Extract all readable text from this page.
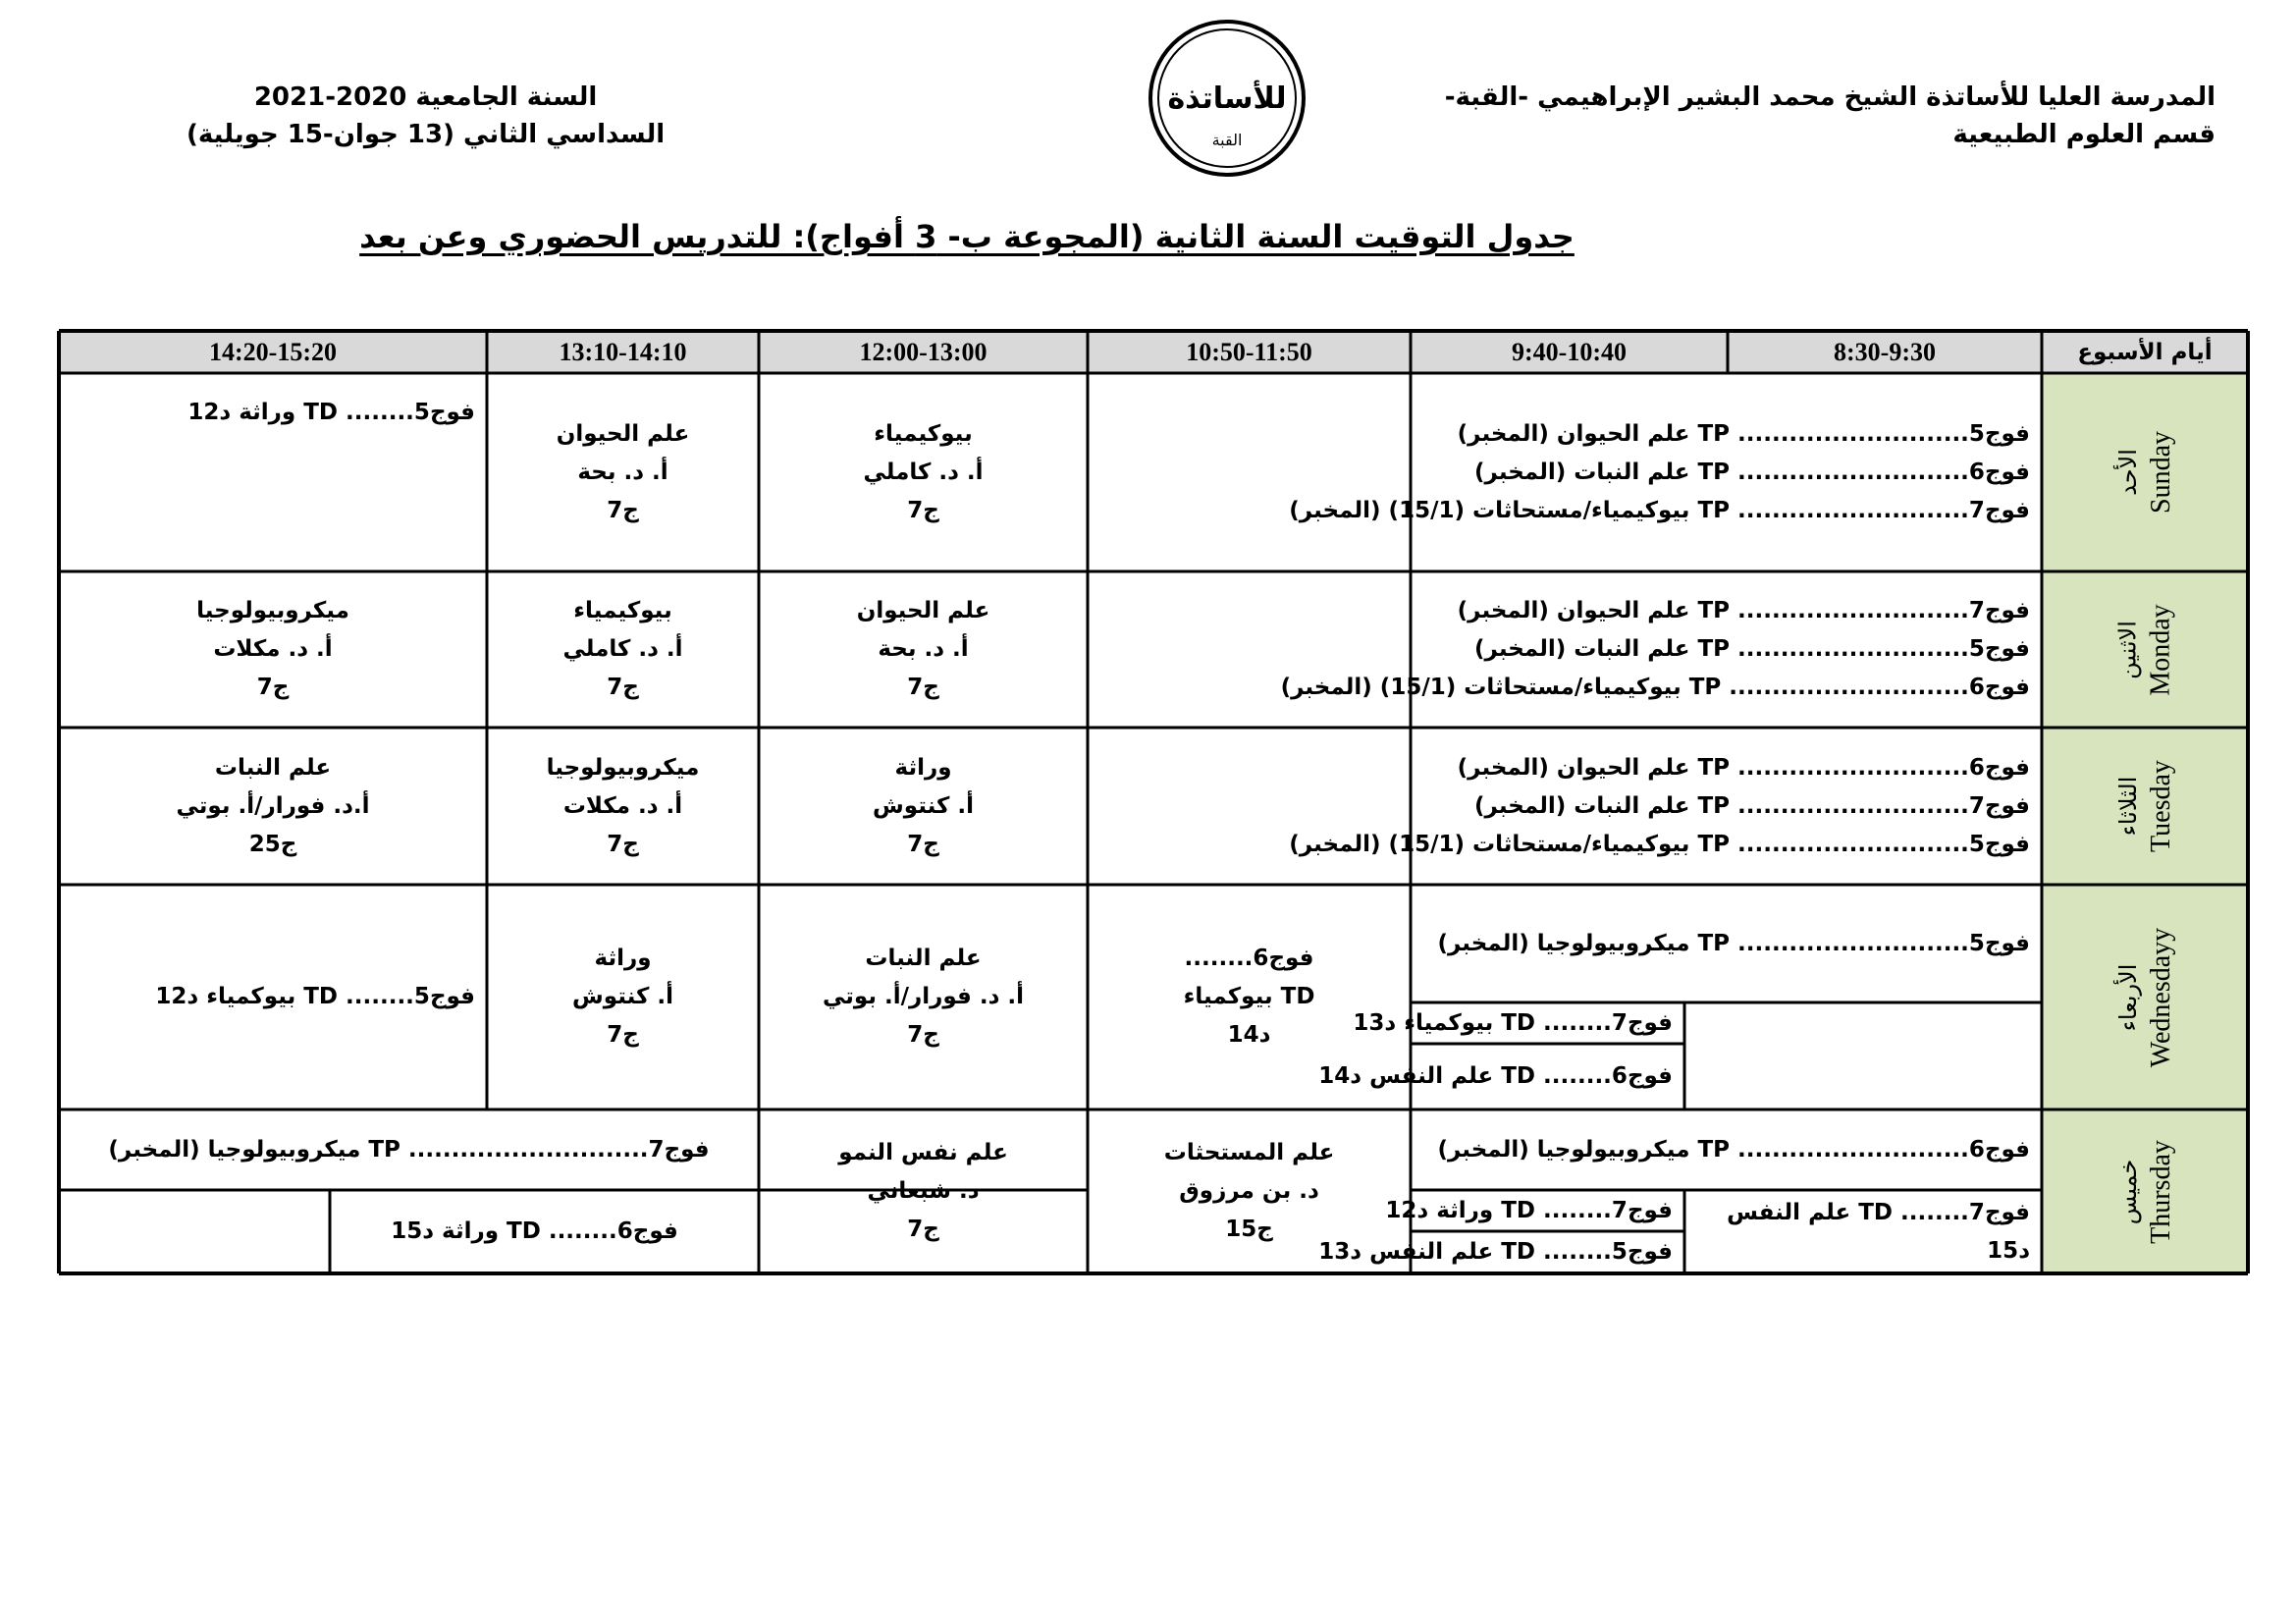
المدرسة العليا للأساتذة الشيخ محمد البشير الإبراهيمي -القبة-
قسم العلوم الطبيعية
السنة الجامعية 2020-2021
السداسي الثاني (13 جوان-15 جويلية)
للأساتذة
القبة
جدول التوقيت السنة الثانية (المجوعة ب- 3 أفواج): للتدريس الحضوري وعن بعد
أيام الأسبوع
8:30-9:30
9:40-10:40
10:50-11:50
12:00-13:00
13:10-14:10
14:20-15:20
الأحد Sunday
الاثنين Monday
الثلاثاء Tuesday
الأربعاء Wednesdayy
خميس Thursday
فوج5........................... TP علم الحيوان (المخبر)
فوج6........................... TP علم النبات (المخبر)
فوج7........................... TP بيوكيمياء/مستحاثات (15/1) (المخبر)
بيوكيمياء
أ. د. كاملي
ج7
علم الحيوان
أ. د. بحة
ج7
فوج5........ TD وراثة د12
فوج7........................... TP علم الحيوان (المخبر)
فوج5........................... TP علم النبات (المخبر)
فوج6............................ TP بيوكيمياء/مستحاثات (15/1) (المخبر)
علم الحيوان
أ. د. بحة
ج7
بيوكيمياء
أ. د. كاملي
ج7
ميكروبيولوجيا
أ. د. مكلات
ج7
فوج6........................... TP علم الحيوان (المخبر)
فوج7........................... TP علم النبات (المخبر)
فوج5........................... TP بيوكيمياء/مستحاثات (15/1) (المخبر)
وراثة
أ. كنتوش
ج7
ميكروبيولوجيا
أ. د. مكلات
ج7
علم النبات
أ.د. فورار/أ. بوتي
ج25
فوج5........................... TP ميكروبيولوجيا (المخبر)
فوج7........ TD بيوكمياء د13
فوج6........ TD علم النفس د14
فوج6........
TD بيوكمياء
د14
علم النبات
أ. د. فورار/أ. بوتي
ج7
وراثة
أ. كنتوش
ج7
فوج5........ TD بيوكمياء د12
فوج6........................... TP ميكروبيولوجيا (المخبر)
فوج7........ TD علم النفس
د15
فوج7........ TD وراثة د12
فوج5........ TD علم النفس د13
علم المستحثات
د. بن مرزوق
ج15
علم نفس النمو
د. شبعاني
ج7
فوج7............................ TP ميكروبيولوجيا (المخبر)
فوج6........ TD وراثة د15
